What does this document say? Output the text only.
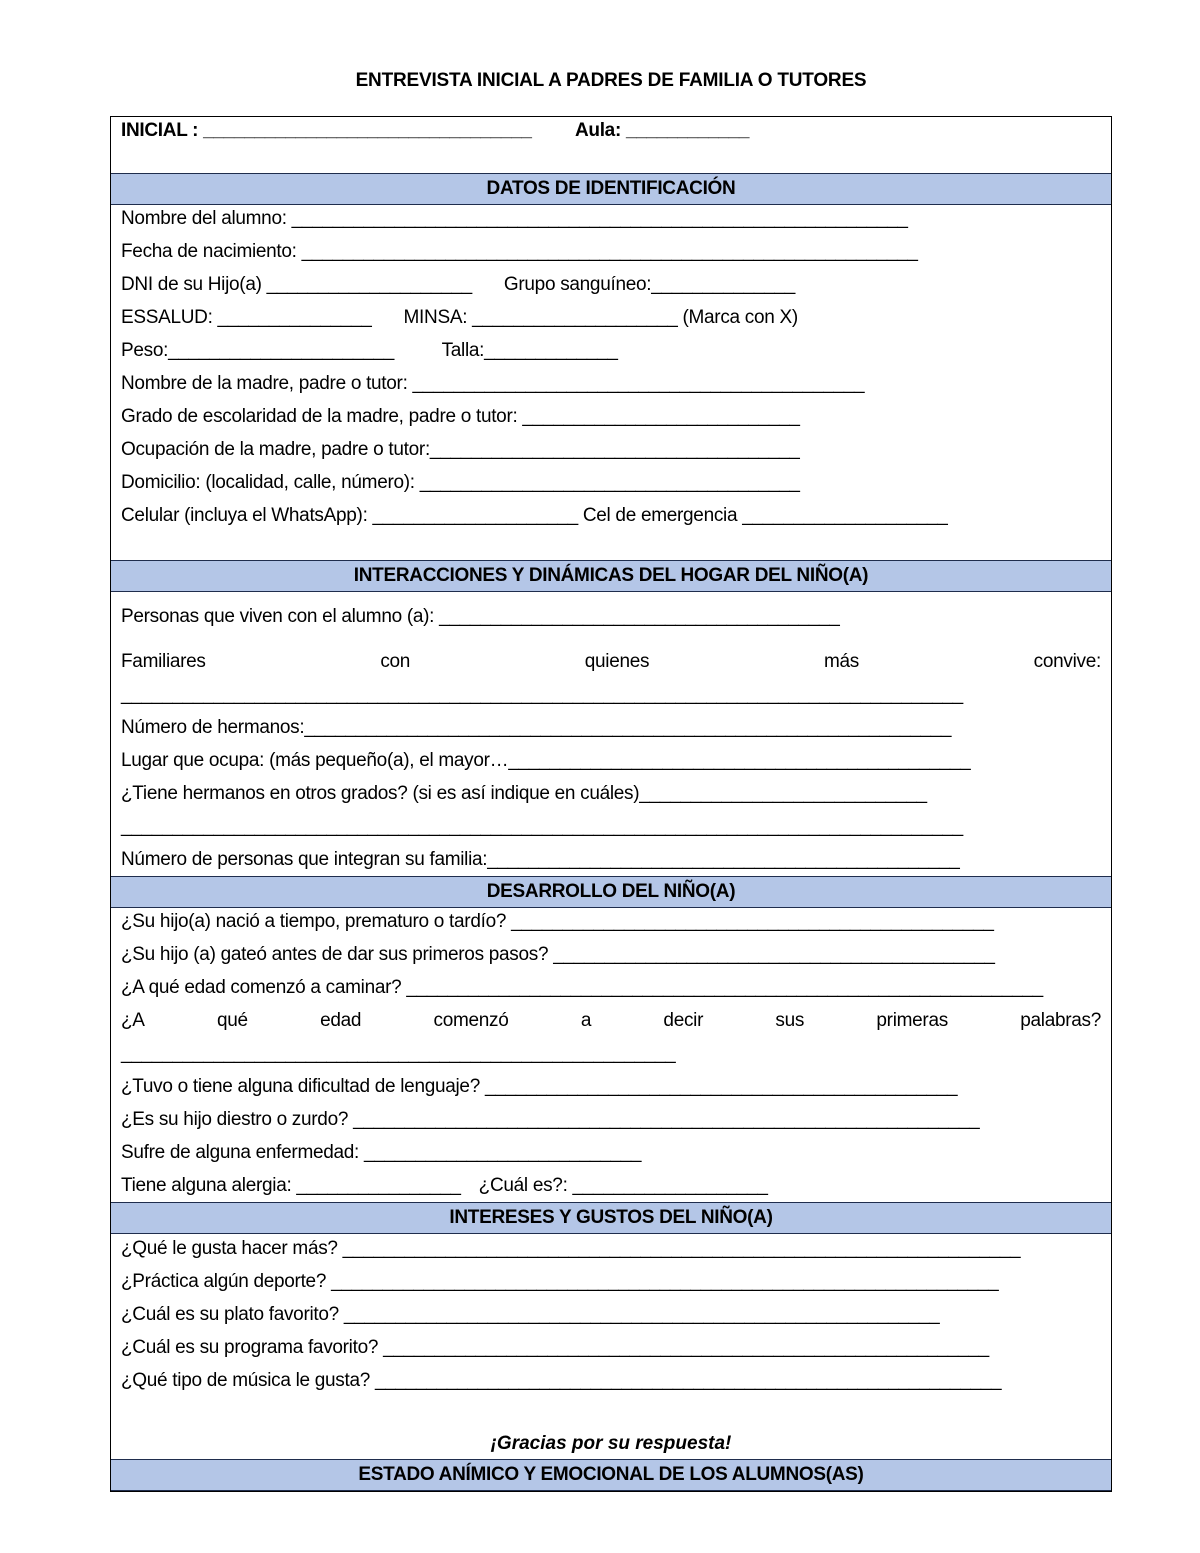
ENTREVISTA INICIAL A PADRES DE FAMILIA O TUTORES
INICIAL : ________________________________ Aula: ____________
DATOS DE IDENTIFICACIÓN
Nombre del alumno: ____________________________________________________________
Fecha de nacimiento: ____________________________________________________________
DNI de su Hijo(a) ____________________ Grupo sanguíneo:______________
ESSALUD: _______________ MINSA: ____________________ (Marca con X)
Peso:______________________	Talla:_____________
Nombre de la madre, padre o tutor: ____________________________________________
Grado de escolaridad de la madre, padre o tutor: ___________________________
Ocupación de la madre, padre o tutor:____________________________________
Domicilio: (localidad, calle, número): _____________________________________
Celular (incluya el WhatsApp): ____________________ Cel de emergencia ____________________
INTERACCIONES Y DINÁMICAS DEL HOGAR DEL NIÑO(A)
Personas que viven con el alumno (a): _______________________________________
Familiares	con	quienes	más	convive:
__________________________________________________________________________________
Número de hermanos:_______________________________________________________________
Lugar que ocupa: (más pequeño(a), el mayor…_____________________________________________
¿Tiene hermanos en otros grados? (si es así indique en cuáles)____________________________
__________________________________________________________________________________
Número de personas que integran su familia:______________________________________________
DESARROLLO DEL NIÑO(A)
¿Su hijo(a) nació a tiempo, prematuro o tardío? _______________________________________________
¿Su hijo (a) gateó antes de dar sus primeros pasos? ___________________________________________
¿A qué edad comenzó a caminar? ______________________________________________________________
¿A	qué	edad	comenzó	a	decir	sus	primeras	palabras?
______________________________________________________
¿Tuvo o tiene alguna dificultad de lenguaje? ______________________________________________
¿Es su hijo diestro o zurdo? _____________________________________________________________
Sufre de alguna enfermedad: ___________________________
Tiene alguna alergia: ________________ ¿Cuál es?: ___________________
INTERESES Y GUSTOS DEL NIÑO(A)
¿Qué le gusta hacer más? __________________________________________________________________
¿Práctica algún deporte? _________________________________________________________________
¿Cuál es su plato favorito? __________________________________________________________
¿Cuál es su programa favorito? ___________________________________________________________
¿Qué tipo de música le gusta? _____________________________________________________________
¡Gracias por su respuesta!
ESTADO ANÍMICO Y EMOCIONAL DE LOS ALUMNOS(AS)
